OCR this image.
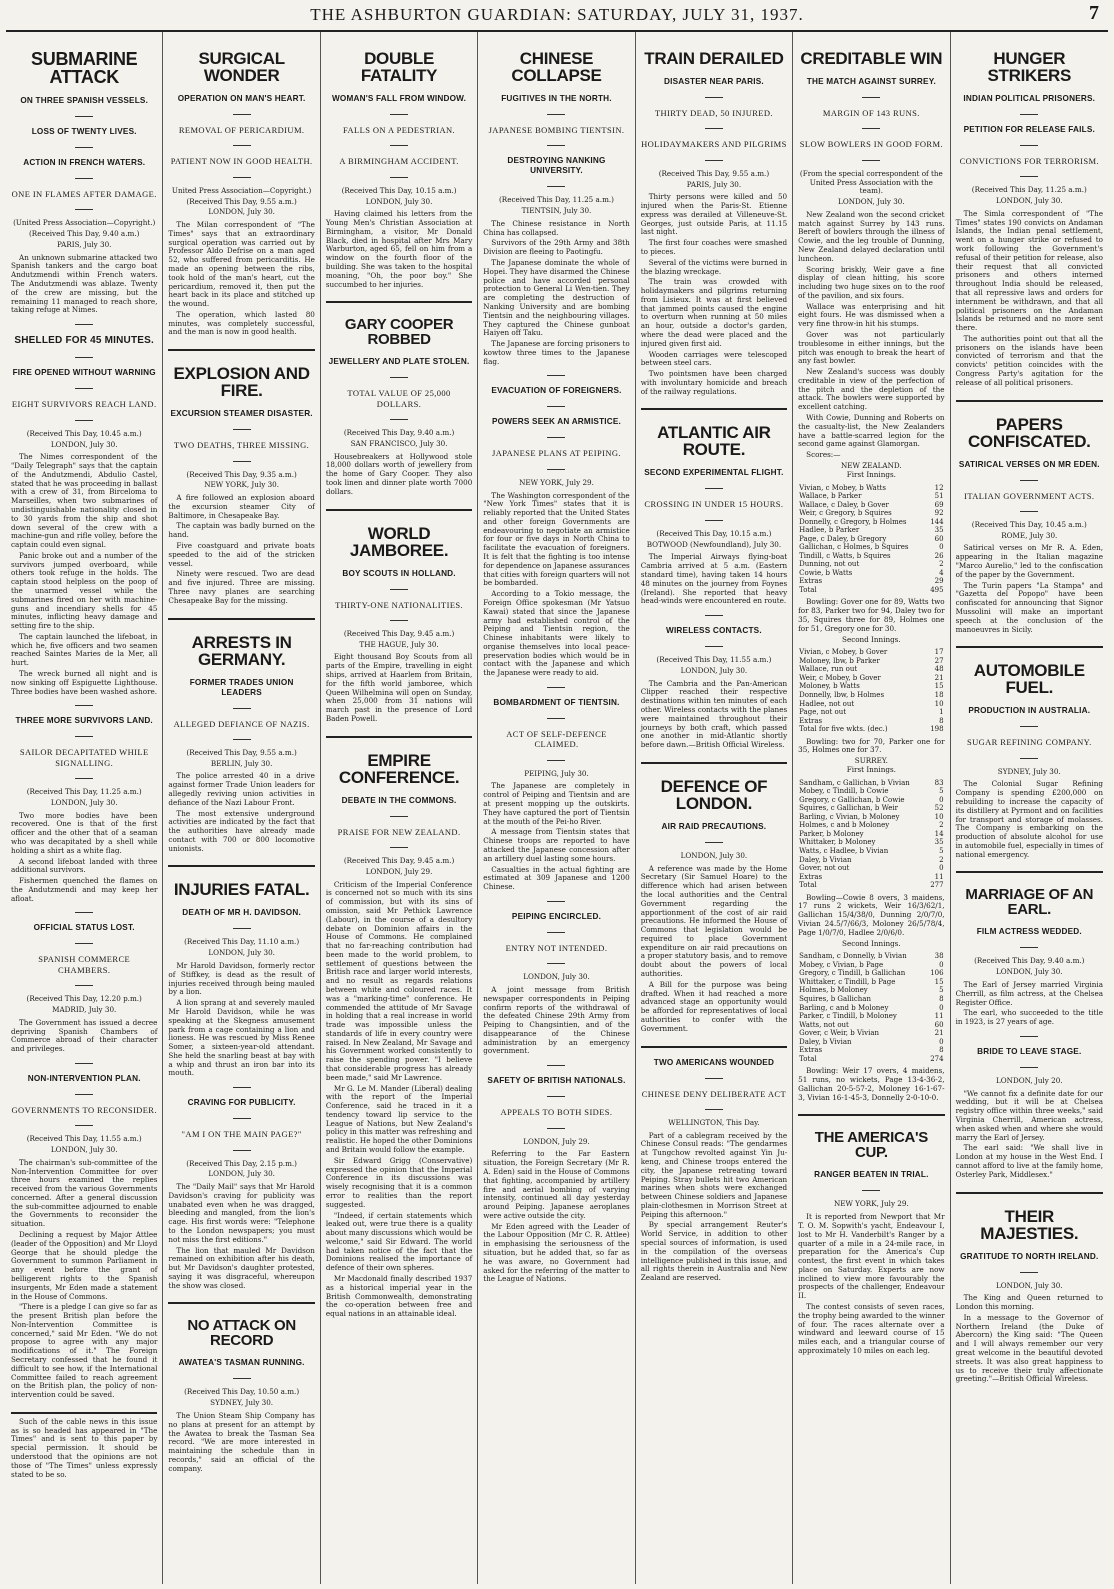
THE ASHBURTON GUARDIAN: SATURDAY, JULY 31, 1937.	7
SUBMARINE ATTACK
ON THREE SPANISH VESSELS.
LOSS OF TWENTY LIVES.
ACTION IN FRENCH WATERS.
ONE IN FLAMES AFTER DAMAGE.
(United Press Association—Copyright.)
(Received This Day, 9.40 a.m.)
PARIS, July 30.

An unknown submarine attacked two Spanish tankers and the cargo boat Andutzmendi within French waters. The Andutzmendi was ablaze. Twenty of the crew are missing, but the remaining 11 managed to reach shore, taking refuge at Nimes.

SHELLED FOR 45 MINUTES.
FIRE OPENED WITHOUT WARNING
EIGHT SURVIVORS REACH LAND.
(Received This Day, 10.45 a.m.)
LONDON, July 30.

The Nimes correspondent of the "Daily Telegraph" says that the captain of the Andutzmendi, Abdulio Castel, stated that he was proceeding in ballast with a crew of 31, from Birceloma to Marseilles, when two submarines of undistinguishable nationality closed in to 30 yards from the ship and shot down several of the crew with a machine-gun and rifle volley, before the captain could even signal.

Panic broke out and a number of the survivors jumped overboard, while others took refuge in the holds. The captain stood helpless on the poop of the unarmed vessel while the submarines fired on her with machine-guns and incendiary shells for 45 minutes, inflicting heavy damage and setting fire to the ship.

The captain launched the lifeboat, in which he, five officers and two seamen reached Saintes Maries de la Mer, all hurt.

The wreck burned all night and is now sinking off Espiguette Lighthouse. Three bodies have been washed ashore.

THREE MORE SURVIVORS LAND.
SAILOR DECAPITATED WHILE SIGNALLING.
(Received This Day, 11.25 a.m.)
LONDON, July 30.

Two more bodies have been recovered. One is that of the first officer and the other that of a seaman who was decapitated by a shell while holding a shirt as a white flag.

A second lifeboat landed with three additional survivors.

Fishermen quenched the flames on the Andutzmendi and may keep her afloat.

OFFICIAL STATUS LOST.
SPANISH COMMERCE CHAMBERS.
(Received This Day, 12.20 p.m.)
MADRID, July 30.

The Government has issued a decree depriving Spanish Chambers of Commerce abroad of their character and privileges.

NON-INTERVENTION PLAN.
GOVERNMENTS TO RECONSIDER.
(Received This Day, 11.55 a.m.)
LONDON, July 30.

The chairman's sub-committee of the Non-Intervention Committee for over three hours examined the replies received from the various Governments concerned. After a general discussion the sub-committee adjourned to enable the Governments to reconsider the situation.

Declining a request by Major Attlee (leader of the Opposition) and Mr Lloyd George that he should pledge the Government to summon Parliament in any event before the grant of belligerent rights to the Spanish insurgents, Mr Eden made a statement in the House of Commons.

"There is a pledge I can give so far as the present British plan before the Non-Intervention Committee is concerned," said Mr Eden. "We do not propose to agree with any major modifications of it." The Foreign Secretary confessed that he found it difficult to see how, if the International Committee failed to reach agreement on the British plan, the policy of non-intervention could be saved.

Such of the cable news in this issue as is so headed has appeared in "The Times" and is sent to this paper by special permission. It should be understood that the opinions are not those of "The Times" unless expressly stated to be so.

SURGICAL WONDER
OPERATION ON MAN'S HEART.
REMOVAL OF PERICARDIUM.
PATIENT NOW IN GOOD HEALTH.
United Press Association—Copyright.)
(Received This Day, 9.55 a.m.)
LONDON, July 30.

The Milan correspondent of "The Times" says that an extraordinary surgical operation was carried out by Professor Aldo Defrise on a man aged 52, who suffered from pericarditis. He made an opening between the ribs, took hold of the man's heart, cut the pericardium, removed it, then put the heart back in its place and stitched up the wound.

The operation, which lasted 80 minutes, was completely successful, and the man is now in good health.

EXPLOSION AND FIRE.
EXCURSION STEAMER DISASTER.
TWO DEATHS, THREE MISSING.
(Received This Day, 9.35 a.m.)
NEW YORK, July 30.

A fire followed an explosion aboard the excursion steamer City of Baltimore, in Chesapeake Bay.

The captain was badly burned on the hand.

Five coastguard and private boats speeded to the aid of the stricken vessel.

Ninety were rescued. Two are dead and five injured. Three are missing. Three navy planes are searching Chesapeake Bay for the missing.

ARRESTS IN GERMANY.
FORMER TRADES UNION LEADERS
ALLEGED DEFIANCE OF NAZIS.
(Received This Day, 9.55 a.m.)
BERLIN, July 30.

The police arrested 40 in a drive against former Trade Union leaders for allegedly reviving union activities in defiance of the Nazi Labour Front.

The most extensive underground activities are indicated by the fact that the authorities have already made contact with 700 or 800 locomotive unionists.

INJURIES FATAL.
DEATH OF MR H. DAVIDSON.
(Received This Day, 11.10 a.m.)
LONDON, July 30.

Mr Harold Davidson, formerly rector of Stiffkey, is dead as the result of injuries received through being mauled by a lion.

A lion sprang at and severely mauled Mr Harold Davidson, while he was speaking at the Skegness amusement park from a cage containing a lion and lioness. He was rescued by Miss Renee Somer, a sixteen-year-old attendant. She held the snarling beast at bay with a whip and thrust an iron bar into its mouth.

CRAVING FOR PUBLICITY.
"AM I ON THE MAIN PAGE?"
(Received This Day, 2.15 p.m.)
LONDON, July 30.

The "Daily Mail" says that Mr Harold Davidson's craving for publicity was unabated even when he was dragged, bleeding and mangled, from the lion's cage. His first words were: "Telephone to the London newspapers; you must not miss the first editions."

The lion that mauled Mr Davidson remained on exhibition after his death, but Mr Davidson's daughter protested, saying it was disgraceful, whereupon the show was closed.

NO ATTACK ON RECORD
AWATEA'S TASMAN RUNNING.
(Received This Day, 10.50 a.m.)
SYDNEY, July 30.

The Union Steam Ship Company has no plans at present for an attempt by the Awatea to break the Tasman Sea record. "We are more interested in maintaining the schedule than in records," said an official of the company.

DOUBLE FATALITY
WOMAN'S FALL FROM WINDOW.
FALLS ON A PEDESTRIAN.
A BIRMINGHAM ACCIDENT.
(Received This Day, 10.15 a.m.)
LONDON, July 30.

Having claimed his letters from the Young Men's Christian Association at Birmingham, a visitor, Mr Donald Black, died in hospital after Mrs Mary Warburton, aged 65, fell on him from a window on the fourth floor of the building. She was taken to the hospital moaning, "Oh, the poor boy." She succumbed to her injuries.

GARY COOPER ROBBED
JEWELLERY AND PLATE STOLEN.
TOTAL VALUE OF 25,000 DOLLARS.
(Received This Day, 9.40 a.m.)
SAN FRANCISCO, July 30.

Housebreakers at Hollywood stole 18,000 dollars worth of jewellery from the home of Gary Cooper. They also took linen and dinner plate worth 7000 dollars.

WORLD JAMBOREE.
BOY SCOUTS IN HOLLAND.
THIRTY-ONE NATIONALITIES.
(Received This Day, 9.45 a.m.)
THE HAGUE, July 30.

Eight thousand Boy Scouts from all parts of the Empire, travelling in eight ships, arrived at Haarlem from Britain, for the fifth world jamboree, which Queen Wilhelmina will open on Sunday, when 25,000 from 31 nations will march past in the presence of Lord Baden Powell.

EMPIRE CONFERENCE.
DEBATE IN THE COMMONS.
PRAISE FOR NEW ZEALAND.
(Received This Day, 9.45 a.m.)
LONDON, July 29.

Criticism of the Imperial Conference is concerned not so much with its sins of commission, but with its sins of omission, said Mr Pethick Lawrence (Labour), in the course of a desultory debate on Dominion affairs in the House of Commons. He complained that no far-reaching contribution had been made to the world problem, to settlement of questions between the British race and larger world interests, and no result as regards relations between white and coloured races. It was a "marking-time" conference. He commended the attitude of Mr Savage in holding that a real increase in world trade was impossible unless the standards of life in every country were raised. In New Zealand, Mr Savage and his Government worked consistently to raise the spending power. "I believe that considerable progress has already been made," said Mr Lawrence.

Mr G. Le M. Mander (Liberal) dealing with the report of the Imperial Conference, said he traced in it a tendency toward lip service to the League of Nations, but New Zealand's policy in this matter was refreshing and realistic. He hoped the other Dominions and Britain would follow the example.

Sir Edward Grigg (Conservative) expressed the opinion that the Imperial Conference in its discussions was wisely recognising that it is a common error to realities than the report suggested.

"Indeed, if certain statements which leaked out, were true there is a quality about many discussions which would be welcome," said Sir Edward. The world had taken notice of the fact that the Dominions realised the importance of defence of their own spheres.

Mr Macdonald finally described 1937 as a historical imperial year in the British Commonwealth, demonstrating the co-operation between free and equal nations in an attainable ideal.

CHINESE COLLAPSE
FUGITIVES IN THE NORTH.
JAPANESE BOMBING TIENTSIN.
DESTROYING NANKING UNIVERSITY.
(Received This Day, 11.25 a.m.)
TIENTSIN, July 30.

The Chinese resistance in North China has collapsed.

Survivors of the 29th Army and 38th Division are fleeing to Paotingfu.

The Japanese dominate the whole of Hopei. They have disarmed the Chinese police and have accorded personal protection to General Li Wen-tien. They are completing the destruction of Nanking University and are bombing Tientsin and the neighbouring villages. They captured the Chinese gunboat Haiyen off Taku.

The Japanese are forcing prisoners to kowtow three times to the Japanese flag.

EVACUATION OF FOREIGNERS.
POWERS SEEK AN ARMISTICE.
JAPANESE PLANS AT PEIPING.
NEW YORK, July 29.

The Washington correspondent of the "New York Times" states that it is reliably reported that the United States and other foreign Governments are endeavouring to negotiate an armistice for four or five days in North China to facilitate the evacuation of foreigners. It is felt that the fighting is too intense for dependence on Japanese assurances that cities with foreign quarters will not be bombarded.

According to a Tokio message, the Foreign Office spokesman (Mr Yatsuo Kawai) stated that since the Japanese army had established control of the Peiping and Tientsin region, the Chinese inhabitants were likely to organise themselves into local peace-preservation bodies which would be in contact with the Japanese and which the Japanese were ready to aid.

BOMBARDMENT OF TIENTSIN.
ACT OF SELF-DEFENCE CLAIMED.
PEIPING, July 30.

The Japanese are completely in control of Peiping and Tientsin and are at present mopping up the outskirts. They have captured the port of Tientsin at the mouth of the Pei-ho River.

A message from Tientsin states that Chinese troops are reported to have attacked the Japanese concession after an artillery duel lasting some hours.

Casualties in the actual fighting are estimated at 309 Japanese and 1200 Chinese.

PEIPING ENCIRCLED.
ENTRY NOT INTENDED.
LONDON, July 30.

A joint message from British newspaper correspondents in Peiping confirm reports of the withdrawal of the defeated Chinese 29th Army from Peiping to Changsintien, and of the disappearance of the Chinese administration by an emergency government.

SAFETY OF BRITISH NATIONALS.
APPEALS TO BOTH SIDES.
LONDON, July 29.

Referring to the Far Eastern situation, the Foreign Secretary (Mr R. A. Eden) said in the House of Commons that fighting, accompanied by artillery fire and aerial bombing of varying intensity, continued all day yesterday around Peiping. Japanese aeroplanes were active outside the city.

Mr Eden agreed with the Leader of the Labour Opposition (Mr C. R. Attlee) in emphasising the seriousness of the situation, but he added that, so far as he was aware, no Government had asked for the referring of the matter to the League of Nations.

TRAIN DERAILED
DISASTER NEAR PARIS.
THIRTY DEAD, 50 INJURED.
HOLIDAYMAKERS AND PILGRIMS
(Received This Day, 9.55 a.m.)
PARIS, July 30.

Thirty persons were killed and 50 injured when the Paris-St. Etienne express was derailed at Villeneuve-St. Georges, just outside Paris, at 11.15 last night.

The first four coaches were smashed to pieces.

Several of the victims were burned in the blazing wreckage.

The train was crowded with holidaymakers and pilgrims returning from Lisieux. It was at first believed that jammed points caused the engine to overturn when running at 50 miles an hour, outside a doctor's garden, where the dead were placed and the injured given first aid.

Wooden carriages were telescoped between steel cars.

Two pointsmen have been charged with involuntary homicide and breach of the railway regulations.

ATLANTIC AIR ROUTE.
SECOND EXPERIMENTAL FLIGHT.
CROSSING IN UNDER 15 HOURS.
(Received This Day, 10.15 a.m.)
BOTWOOD (Newfoundland), July 30.

The Imperial Airways flying-boat Cambria arrived at 5 a.m. (Eastern standard time), having taken 14 hours 48 minutes on the journey from Foynes (Ireland). She reported that heavy head-winds were encountered en route.

WIRELESS CONTACTS.
(Received This Day, 11.55 a.m.)
LONDON, July 30.

The Cambria and the Pan-American Clipper reached their respective destinations within ten minutes of each other. Wireless contacts with the planes were maintained throughout their journeys by both craft, which passed one another in mid-Atlantic shortly before dawn.—British Official Wireless.

DEFENCE OF LONDON.
AIR RAID PRECAUTIONS.
LONDON, July 30.

A reference was made by the Home Secretary (Sir Samuel Hoare) to the difference which had arisen between the local authorities and the Central Government regarding the apportionment of the cost of air raid precautions. He informed the House of Commons that legislation would be required to place Government expenditure on air raid precautions on a proper statutory basis, and to remove doubt about the powers of local authorities.

A Bill for the purpose was being drafted. When it had reached a more advanced stage an opportunity would be afforded for representatives of local authorities to confer with the Government.

TWO AMERICANS WOUNDED
CHINESE DENY DELIBERATE ACT
WELLINGTON, This Day.

Part of a cablegram received by the Chinese Consul reads: "The gendarmes at Tungchow revolted against Yin Ju-keng, and Chinese troops entered the city, the Japanese retreating toward Peiping. Stray bullets hit two American marines when shots were exchanged between Chinese soldiers and Japanese plain-clothesmen in Morrison Street at Peiping this afternoon."

By special arrangement Reuter's World Service, in addition to other special sources of information, is used in the compilation of the overseas intelligence published in this issue, and all rights therein in Australia and New Zealand are reserved.

CREDITABLE WIN
THE MATCH AGAINST SURREY.
MARGIN OF 143 RUNS.
SLOW BOWLERS IN GOOD FORM.
(From the special correspondent of the United Press Association with the team).
LONDON, July 30.

New Zealand won the second cricket match against Surrey by 143 runs. Bereft of bowlers through the illness of Cowie, and the leg trouble of Dunning, New Zealand delayed declaration until luncheon.

Scoring briskly, Weir gave a fine display of clean hitting, his score including two huge sixes on to the roof of the pavilion, and six fours.

Wallace was enterprising and hit eight fours. He was dismissed when a very fine throw-in hit his stumps.

Gover was not particularly troublesome in either innings, but the pitch was enough to break the heart of any fast bowler.

New Zealand's success was doubly creditable in view of the perfection of the pitch and the depletion of the attack. The bowlers were supported by excellent catching.

With Cowie, Dunning and Roberts on the casualty-list, the New Zealanders have a battle-scarred legion for the second game against Glamorgan.

Scores:—

NEW ZEALAND.
First Innings.
Vivian, c Mobey, b Watts	12
Wallace, b Parker	51
Wallace, c Daley, b Gover	69
Weir, c Gregory, b Squires	92
Donnelly, c Gregory, b Holmes	144
Hadlee, b Parker	35
Page, c Daley, b Gregory	60
Gallichan, c Holmes, b Squires	0
Tindill, c Watts, b Squires	26
Dunning, not out	2
Cowie, b Watts	4
Extras	29
Total	495

Bowling: Gover one for 89, Watts two for 83, Parker two for 94, Daley two for 35, Squires three for 89, Holmes one for 51, Gregory one for 30.

Second Innings.
Vivian, c Mobey, b Gover	17
Moloney, lbw, b Parker	27
Wallace, run out	48
Weir, c Mobey, b Gover	21
Moloney, b Watts	15
Donnelly, lbw, b Holmes	18
Hadlee, not out	10
Page, not out	1
Extras	8
Total for five wkts. (dec.)	198

Bowling: two for 70, Parker one for 35, Holmes one for 37.

SURREY.
First Innings.
Sandham, c Gallichan, b Vivian	83
Mobey, c Tindill, b Cowie	5
Gregory, c Gallichan, b Cowie	0
Squires, c Gallichan, b Weir	52
Barling, c Vivian, b Moloney	10
Holmes, c and b Moloney	2
Parker, b Moloney	14
Whittaker, b Moloney	35
Watts, c Hadlee, b Vivian	5
Daley, b Vivian	2
Gover, not out	0
Extras	11
Total	277

Bowling—Cowie 8 overs, 3 maidens, 17 runs 2 wickets, Weir 16/3/62/1, Gallichan 15/4/38/0, Dunning 2/0/7/0, Vivian 24.5/7/66/3, Moloney 26/5/78/4, Page 1/0/7/0, Hadlee 2/0/6/0.

Second Innings.
Sandham, c Donnelly, b Vivian	38
Mobey, c Vivian, b Page	0
Gregory, c Tindill, b Gallichan	106
Whittaker, c Tindill, b Page	15
Holmes, b Moloney	5
Squires, b Gallichan	8
Barling, c and b Moloney	0
Parker, c Tindill, b Moloney	11
Watts, not out	60
Gover, c Weir, b Vivian	21
Daley, b Vivian	0
Extras	8
Total	274

Bowling: Weir 17 overs, 4 maidens, 51 runs, no wickets, Page 13-4-36-2, Gallichan 20-5-57-2, Moloney 16-1-67-3, Vivian 16-1-45-3, Donnelly 2-0-10-0.

THE AMERICA'S CUP.
RANGER BEATEN IN TRIAL.
NEW YORK, July 29.

It is reported from Newport that Mr T. O. M. Sopwith's yacht, Endeavour I, lost to Mr H. Vanderbilt's Ranger by a quarter of a mile in a 24-mile race, in preparation for the America's Cup contest, the first event in which takes place on Saturday. Experts are now inclined to view more favourably the prospects of the challenger, Endeavour II.

The contest consists of seven races, the trophy being awarded to the winner of four. The races alternate over a windward and leeward course of 15 miles each, and a triangular course of approximately 10 miles on each leg.

HUNGER STRIKERS
INDIAN POLITICAL PRISONERS.
PETITION FOR RELEASE FAILS.
CONVICTIONS FOR TERRORISM.
(Received This Day, 11.25 a.m.)
LONDON, July 30.

The Simla correspondent of "The Times" states 190 convicts on Andaman Islands, the Indian penal settlement, went on a hunger strike or refused to work following the Government's refusal of their petition for release, also their request that all convicted prisoners and others interned throughout India should be released, that all repressive laws and orders for internment be withdrawn, and that all political prisoners on the Andaman Islands be returned and no more sent there.

The authorities point out that all the prisoners on the islands have been convicted of terrorism and that the convicts' petition coincides with the Congress Party's agitation for the release of all political prisoners.

PAPERS CONFISCATED.
SATIRICAL VERSES ON MR EDEN.
ITALIAN GOVERNMENT ACTS.
(Received This Day, 10.45 a.m.)
ROME, July 30.

Satirical verses on Mr R. A. Eden, appearing in the Italian magazine "Marco Aurelio," led to the confiscation of the paper by the Government.

The Turin papers "La Stampa" and "Gazetta del Popopo" have been confiscated for announcing that Signor Mussolini will make an important speech at the conclusion of the manoeuvres in Sicily.

AUTOMOBILE FUEL.
PRODUCTION IN AUSTRALIA.
SUGAR REFINING COMPANY.
SYDNEY, July 30.

The Colonial Sugar Refining Company is spending £200,000 on rebuilding to increase the capacity of its distillery at Pyrmont and on facilities for transport and storage of molasses. The Company is embarking on the production of absolute alcohol for use in automobile fuel, especially in times of national emergency.

MARRIAGE OF AN EARL.
FILM ACTRESS WEDDED.
(Received This Day, 9.40 a.m.)
LONDON, July 30.

The Earl of Jersey married Virginia Cherrill, as film actress, at the Chelsea Register Office.

The earl, who succeeded to the title in 1923, is 27 years of age.

BRIDE TO LEAVE STAGE.
LONDON, July 20.

"We cannot fix a definite date for our wedding, but it will be at Chelsea registry office within three weeks," said Virginia Cherrill, American actress, when asked when and where she would marry the Earl of Jersey.

The earl said: "We shall live in London at my house in the West End. I cannot afford to live at the family home, Osterley Park, Middlesex."

THEIR MAJESTIES.
GRATITUDE TO NORTH IRELAND.
LONDON, July 30.

The King and Queen returned to London this morning.

In a message to the Governor of Northern Ireland (the Duke of Abercorn) the King said: "The Queen and I will always remember our very great welcome in the beautiful devoted streets. It was also great happiness to us to receive their truly affectionate greeting."—British Official Wireless.
